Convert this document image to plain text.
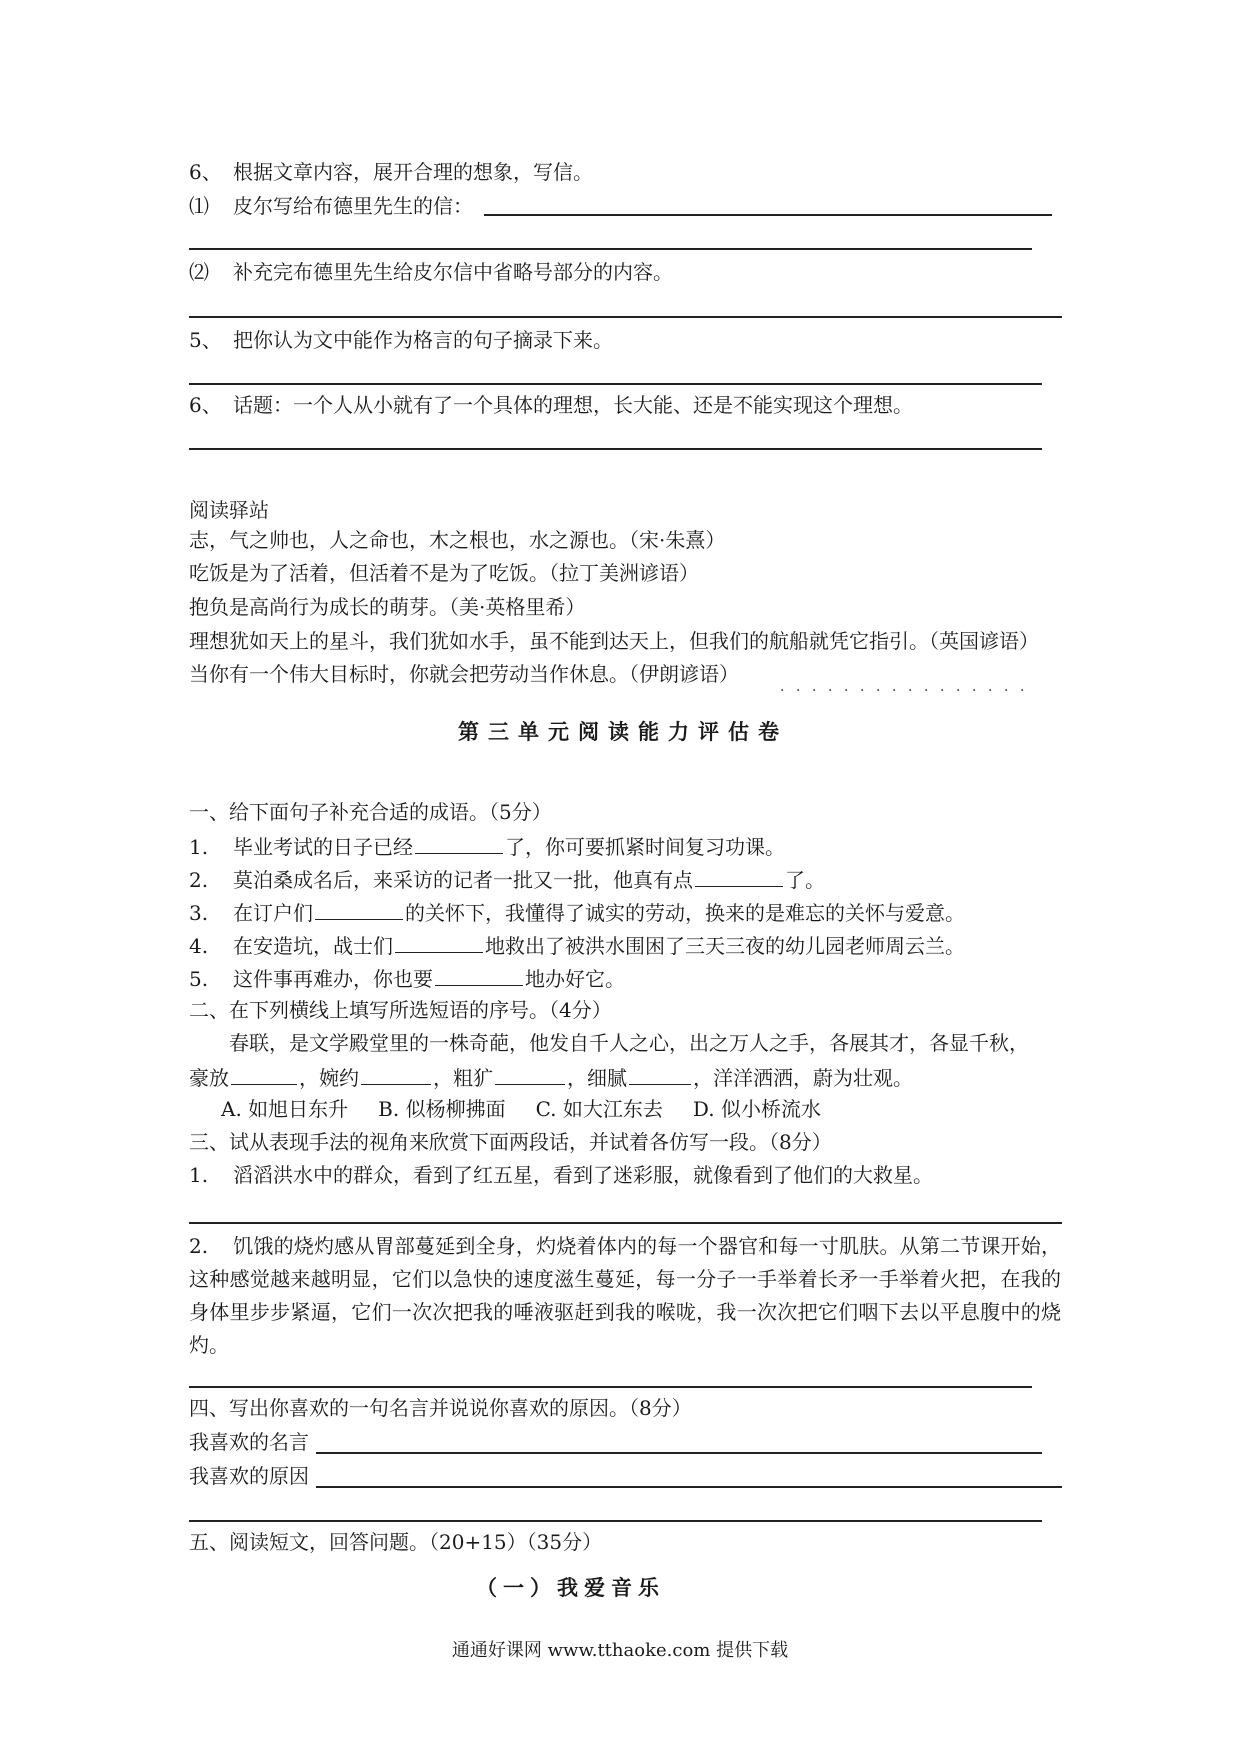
6、 根据文章内容，展开合理的想象，写信。
⑴ 皮尔写给布德里先生的信：
⑵ 补充完布德里先生给皮尔信中省略号部分的内容。
5、 把你认为文中能作为格言的句子摘录下来。
6、 话题：一个人从小就有了一个具体的理想，长大能、还是不能实现这个理想。
阅读驿站
志，气之帅也，人之命也，木之根也，水之源也。（宋·朱熹）
吃饭是为了活着，但活着不是为了吃饭。（拉丁美洲谚语）
抱负是高尚行为成长的萌芽。（美·英格里希）
理想犹如天上的星斗，我们犹如水手，虽不能到达天上，但我们的航船就凭它指引。（英国谚语）
当你有一个伟大目标时，你就会把劳动当作休息。（伊朗谚语）
．．．．．．．．．．．．．．．．
第三单元阅读能力评估卷
一、给下面句子补充合适的成语。（5分）
1. 毕业考试的日子已经	了，你可要抓紧时间复习功课。
2. 莫泊桑成名后，来采访的记者一批又一批，他真有点	了。
3. 在订户们	的关怀下，我懂得了诚实的劳动，换来的是难忘的关怀与爱意。
4. 在安造坑，战士们	地救出了被洪水围困了三天三夜的幼儿园老师周云兰。
5. 这件事再难办，你也要	地办好它。
二、在下列横线上填写所选短语的序号。（4分）
春联，是文学殿堂里的一株奇葩，他发自千人之心，出之万人之手，各展其才，各显千秋，
豪放	，婉约	，粗犷	，细腻	，洋洋洒洒，蔚为壮观。
A. 如旭日东升 B. 似杨柳拂面 C. 如大江东去 D. 似小桥流水
三、试从表现手法的视角来欣赏下面两段话，并试着各仿写一段。（8分）
1. 滔滔洪水中的群众，看到了红五星，看到了迷彩服，就像看到了他们的大救星。
2. 饥饿的烧灼感从胃部蔓延到全身，灼烧着体内的每一个器官和每一寸肌肤。从第二节课开始，这种感觉越来越明显，它们以急快的速度滋生蔓延，每一分子一手举着长矛一手举着火把，在我的身体里步步紧逼，它们一次次把我的唾液驱赶到我的喉咙，我一次次把它们咽下去以平息腹中的烧灼。
四、写出你喜欢的一句名言并说说你喜欢的原因。（8分）
我喜欢的名言
我喜欢的原因
五、阅读短文，回答问题。（20+15）（35分）
（一）我爱音乐
通通好课网 www.tthaoke.com 提供下载
